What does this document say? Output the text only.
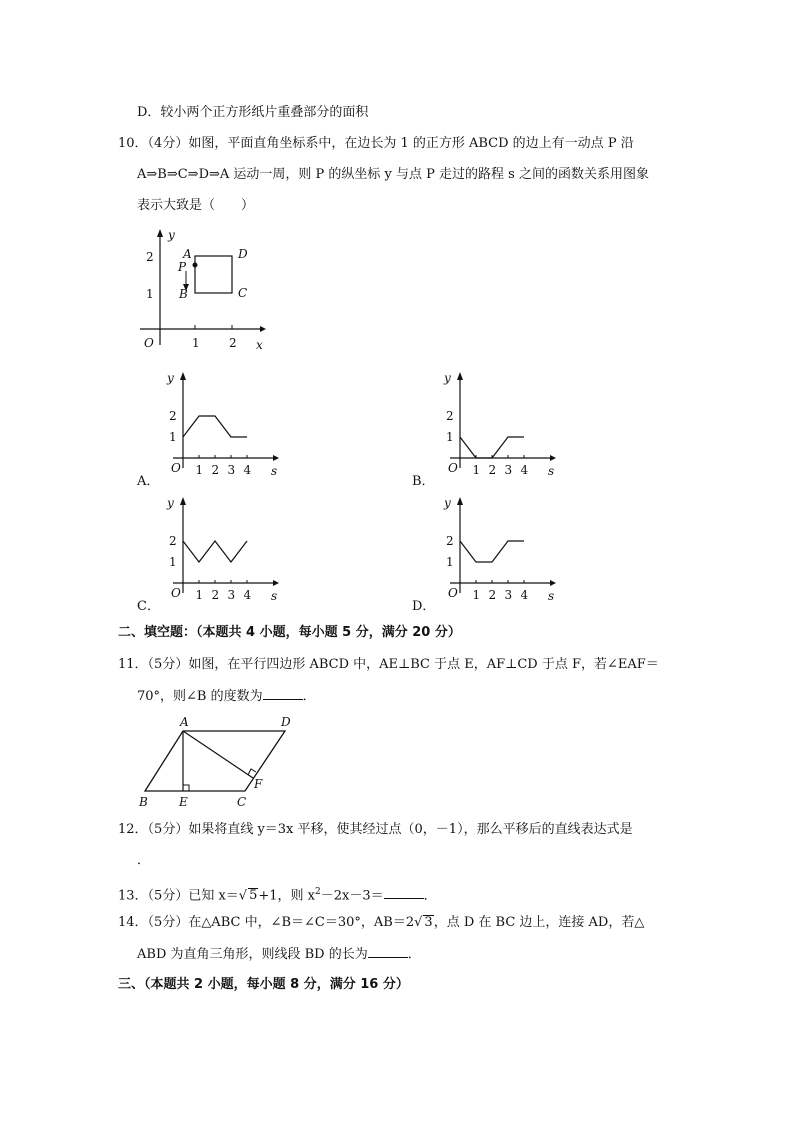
D．较小两个正方形纸片重叠部分的面积
10．（4分）如图，平面直角坐标系中，在边长为 1 的正方形 ABCD 的边上有一动点 P 沿
A⇒B⇒C⇒D⇒A 运动一周，则 P 的纵坐标 y 与点 P 走过的路程 s 之间的函数关系用图象
表示大致是（　　）
y
x
O	1 2
2
1
A
P
B	C
D
y
s
O 1 2 3 4
1
2
y
s
O 1 2 3 4
1
2
y
s
O 1 2 3 4
1
2
y
s
O 1 2 3 4
1
2
A．	B．
C．	D．
二、填空题：（本题共 4 小题，每小题 5 分，满分 20 分）
11．（5分）如图，在平行四边形 ABCD 中，AE⊥BC 于点 E，AF⊥CD 于点 F，若∠EAF＝
70°，则∠B 的度数为	．
A	D
B	E	C
F
12．（5分）如果将直线 y＝3x 平移，使其经过点（0，－1），那么平移后的直线表达式是
．
13．（5分）已知 x＝√ 5+1，则 $x^2-2x-3=$	．
14．（5分）在△ABC 中，∠B＝∠C＝30°，AB＝2√ 3，点 D 在 BC 边上，连接 AD，若△
ABD 为直角三角形，则线段 BD 的长为	．
三、（本题共 2 小题，每小题 8 分，满分 16 分）
